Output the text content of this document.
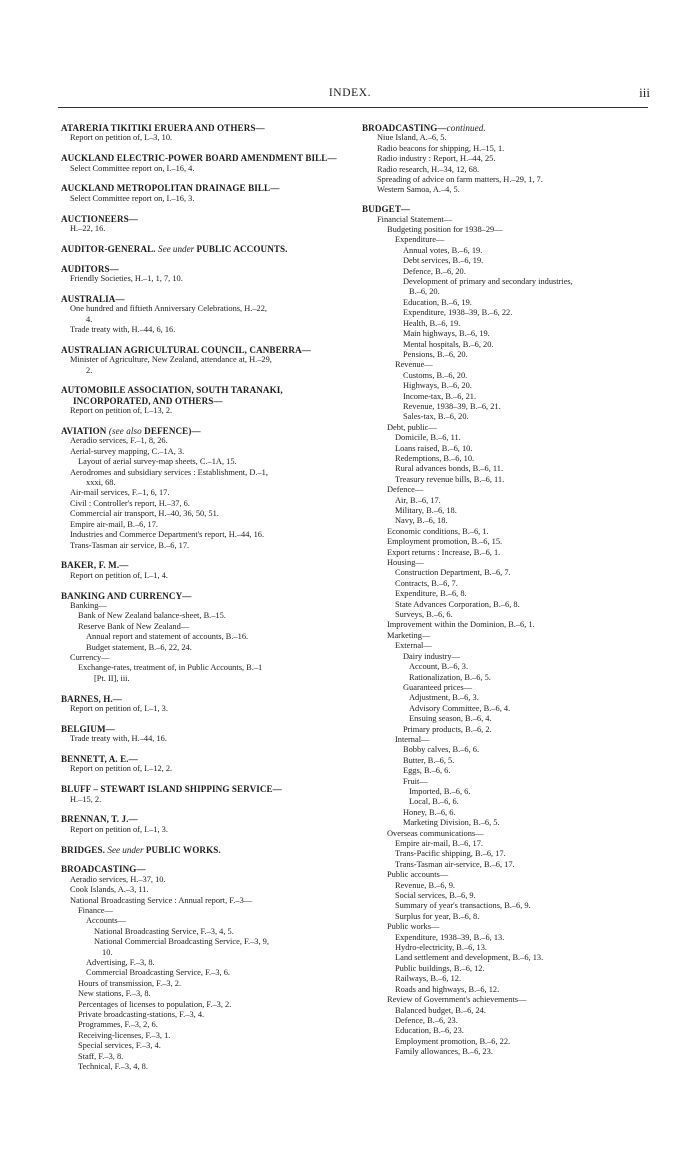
INDEX.	iii
ATARERIA TIKITIKI ERUERA AND OTHERS—
Report on petition of, I.–3, 10.
AUCKLAND ELECTRIC-POWER BOARD AMENDMENT BILL—
Select Committee report on, I.–16, 4.
AUCKLAND METROPOLITAN DRAINAGE BILL—
Select Committee report on, I.–16, 3.
AUCTIONEERS—
H.–22, 16.
AUDITOR-GENERAL. See under PUBLIC ACCOUNTS.
AUDITORS—
Friendly Societies, H.–1, 1, 7, 10.
AUSTRALIA—
One hundred and fiftieth Anniversary Celebrations, H.–22,
4.
Trade treaty with, H.–44, 6, 16.
AUSTRALIAN AGRICULTURAL COUNCIL, CANBERRA—
Minister of Agriculture, New Zealand, attendance at, H.–29,
2.
AUTOMOBILE ASSOCIATION, SOUTH TARANAKI, INCORPORATED, AND OTHERS—
Report on petition of, I.–13, 2.
AVIATION (see also DEFENCE)—
Aeradio services, F.–1, 8, 26.
Aerial-survey mapping, C.–1A, 3.
Layout of aerial survey-map sheets, C.–1A, 15.
Aerodromes and subsidiary services : Establishment, D.–1,
xxxi, 68.
Air-mail services, F.–1, 6, 17.
Civil : Controller's report, H.–37, 6.
Commercial air transport, H.–40, 36, 50, 51.
Empire air-mail, B.–6, 17.
Industries and Commerce Department's report, H.–44, 16.
Trans-Tasman air service, B.–6, 17.
BAKER, F. M.—
Report on petition of, I.–1, 4.
BANKING AND CURRENCY—
Banking—
Bank of New Zealand balance-sheet, B.–15.
Reserve Bank of New Zealand—
Annual report and statement of accounts, B.–16.
Budget statement, B.–6, 22, 24.
Currency—
Exchange-rates, treatment of, in Public Accounts, B.–1
[Pt. II], iii.
BARNES, H.—
Report on petition of, I.–1, 3.
BELGIUM—
Trade treaty with, H.–44, 16.
BENNETT, A. E.—
Report on petition of, I.–12, 2.
BLUFF – STEWART ISLAND SHIPPING SERVICE—
H.–15, 2.
BRENNAN, T. J.—
Report on petition of, I.–1, 3.
BRIDGES. See under PUBLIC WORKS.
BROADCASTING—
Aeradio services, H.–37, 10.
Cook Islands, A.–3, 11.
National Broadcasting Service : Annual report, F.–3—
Finance—
Accounts—
National Broadcasting Service, F.–3, 4, 5.
National Commercial Broadcasting Service, F.–3, 9,
10.
Advertising, F.–3, 8.
Commercial Broadcasting Service, F.–3, 6.
Hours of transmission, F.–3, 2.
New stations, F.–3, 8.
Percentages of licenses to population, F.–3, 2.
Private broadcasting-stations, F.–3, 4.
Programmes, F.–3, 2, 6.
Receiving-licenses, F.–3, 1.
Special services, F.–3, 4.
Staff, F.–3, 8.
Technical, F.–3, 4, 8.
BROADCASTING—continued.
Niue Island, A.–6, 5.
Radio beacons for shipping, H.–15, 1.
Radio industry : Report, H.–44, 25.
Radio research, H.–34, 12, 68.
Spreading of advice on farm matters, H.–29, 1, 7.
Western Samoa, A.–4, 5.
BUDGET—
Financial Statement—
Budgeting position for 1938–29—
Expenditure—
Annual votes, B.–6, 19.
Debt services, B.–6, 19.
Defence, B.–6, 20.
Development of primary and secondary industries,
B.–6, 20.
Education, B.–6, 19.
Expenditure, 1938–39, B.–6, 22.
Health, B.–6, 19.
Main highways, B.–6, 19.
Mental hospitals, B.–6, 20.
Pensions, B.–6, 20.
Revenue—
Customs, B.–6, 20.
Highways, B.–6, 20.
Income-tax, B.–6, 21.
Revenue, 1938–39, B.–6, 21.
Sales-tax, B.–6, 20.
Debt, public—
Domicile, B.–6, 11.
Loans raised, B.–6, 10.
Redemptions, B.–6, 10.
Rural advances bonds, B.–6, 11.
Treasury revenue bills, B.–6, 11.
Defence—
Air, B.–6, 17.
Military, B.–6, 18.
Navy, B.–6, 18.
Economic conditions, B.–6, 1.
Employment promotion, B.–6, 15.
Export returns : Increase, B.–6, 1.
Housing—
Construction Department, B.–6, 7.
Contracts, B.–6, 7.
Expenditure, B.–6, 8.
State Advances Corporation, B.–6, 8.
Surveys, B.–6, 6.
Improvement within the Dominion, B.–6, 1.
Marketing—
External—
Dairy industry—
Account, B.–6, 3.
Rationalization, B.–6, 5.
Guaranteed prices—
Adjustment, B.–6, 3.
Advisory Committee, B.–6, 4.
Ensuing season, B.–6, 4.
Primary products, B.–6, 2.
Internal—
Bobby calves, B.–6, 6.
Butter, B.–6, 5.
Eggs, B.–6, 6.
Fruit—
Imported, B.–6, 6.
Local, B.–6, 6.
Honey, B.–6, 6.
Marketing Division, B.–6, 5.
Overseas communications—
Empire air-mail, B.–6, 17.
Trans-Pacific shipping, B.–6, 17.
Trans-Tasman air-service, B.–6, 17.
Public accounts—
Revenue, B.–6, 9.
Social services, B.–6, 9.
Summary of year's transactions, B.–6, 9.
Surplus for year, B.–6, 8.
Public works—
Expenditure, 1938–39, B.–6, 13.
Hydro-electricity, B.–6, 13.
Land settlement and development, B.–6, 13.
Public buildings, B.–6, 12.
Railways, B.–6, 12.
Roads and highways, B.–6, 12.
Review of Government's achievements—
Balanced budget, B.–6, 24.
Defence, B.–6, 23.
Education, B.–6, 23.
Employment promotion, B.–6, 22.
Family allowances, B.–6, 23.
